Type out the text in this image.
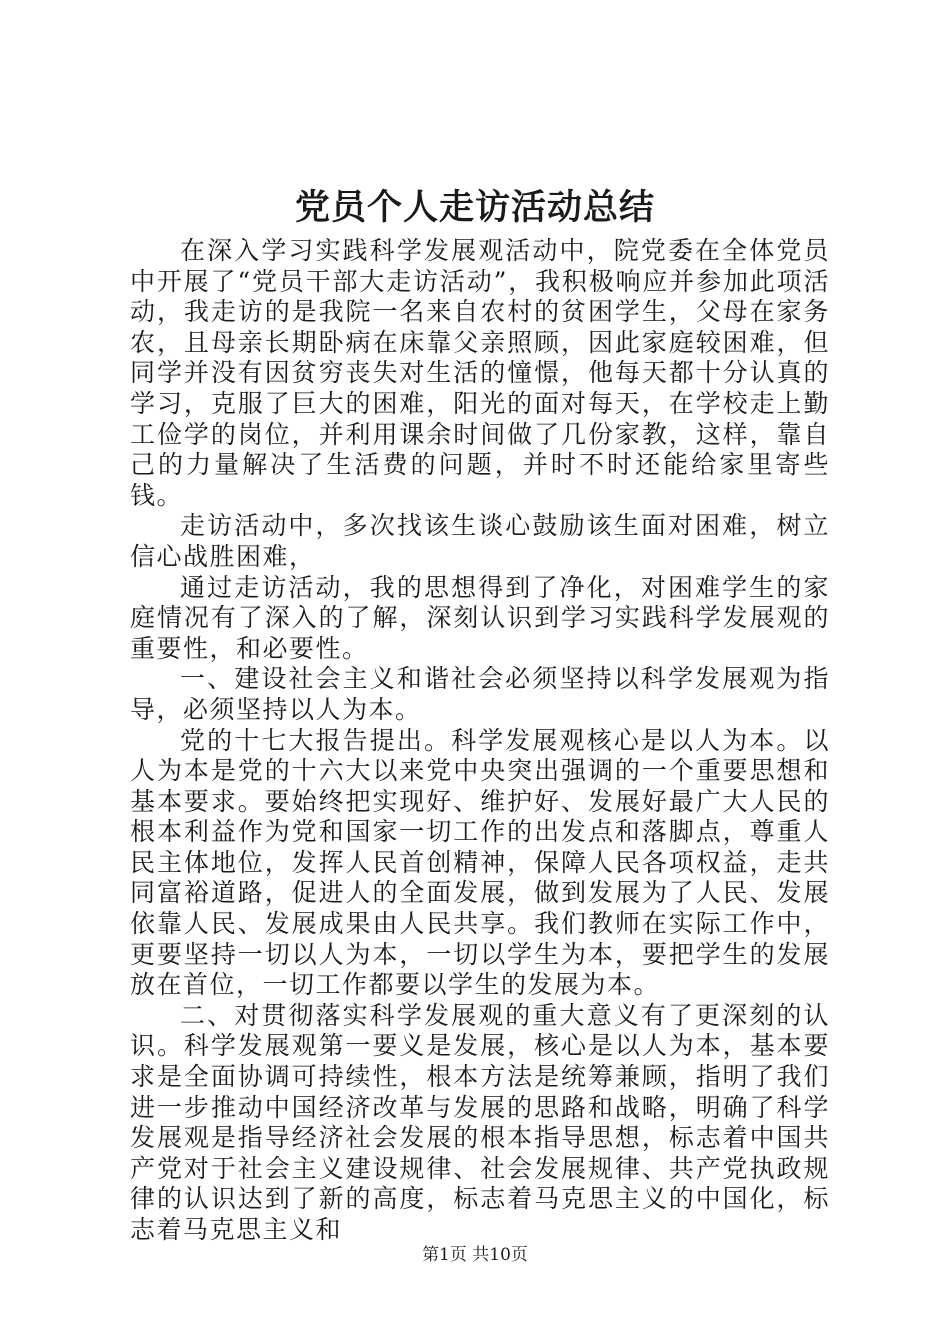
党员个人走访活动总结

在深入学习实践科学发展观活动中，院党委在全体党员中开展了“党员干部大走访活动”，我积极响应并参加此项活动，我走访的是我院一名来自农村的贫困学生，父母在家务农，且母亲长期卧病在床靠父亲照顾，因此家庭较困难，但同学并没有因贫穷丧失对生活的憧憬，他每天都十分认真的学习，克服了巨大的困难，阳光的面对每天，在学校走上勤工俭学的岗位，并利用课余时间做了几份家教，这样，靠自己的力量解决了生活费的问题，并时不时还能给家里寄些钱。

走访活动中，多次找该生谈心鼓励该生面对困难，树立信心战胜困难，

通过走访活动，我的思想得到了净化，对困难学生的家庭情况有了深入的了解，深刻认识到学习实践科学发展观的重要性，和必要性。

一、建设社会主义和谐社会必须坚持以科学发展观为指导，必须坚持以人为本。

党的十七大报告提出。科学发展观核心是以人为本。以人为本是党的十六大以来党中央突出强调的一个重要思想和基本要求。要始终把实现好、维护好、发展好最广大人民的根本利益作为党和国家一切工作的出发点和落脚点，尊重人民主体地位，发挥人民首创精神，保障人民各项权益，走共同富裕道路，促进人的全面发展，做到发展为了人民、发展依靠人民、发展成果由人民共享。我们教师在实际工作中，更要坚持一切以人为本，一切以学生为本，要把学生的发展放在首位，一切工作都要以学生的发展为本。

二、对贯彻落实科学发展观的重大意义有了更深刻的认识。科学发展观第一要义是发展，核心是以人为本，基本要求是全面协调可持续性，根本方法是统筹兼顾，指明了我们进一步推动中国经济改革与发展的思路和战略，明确了科学发展观是指导经济社会发展的根本指导思想，标志着中国共产党对于社会主义建设规律、社会发展规律、共产党执政规律的认识达到了新的高度，标志着马克思主义的中国化，标志着马克思主义和

第1页 共10页
